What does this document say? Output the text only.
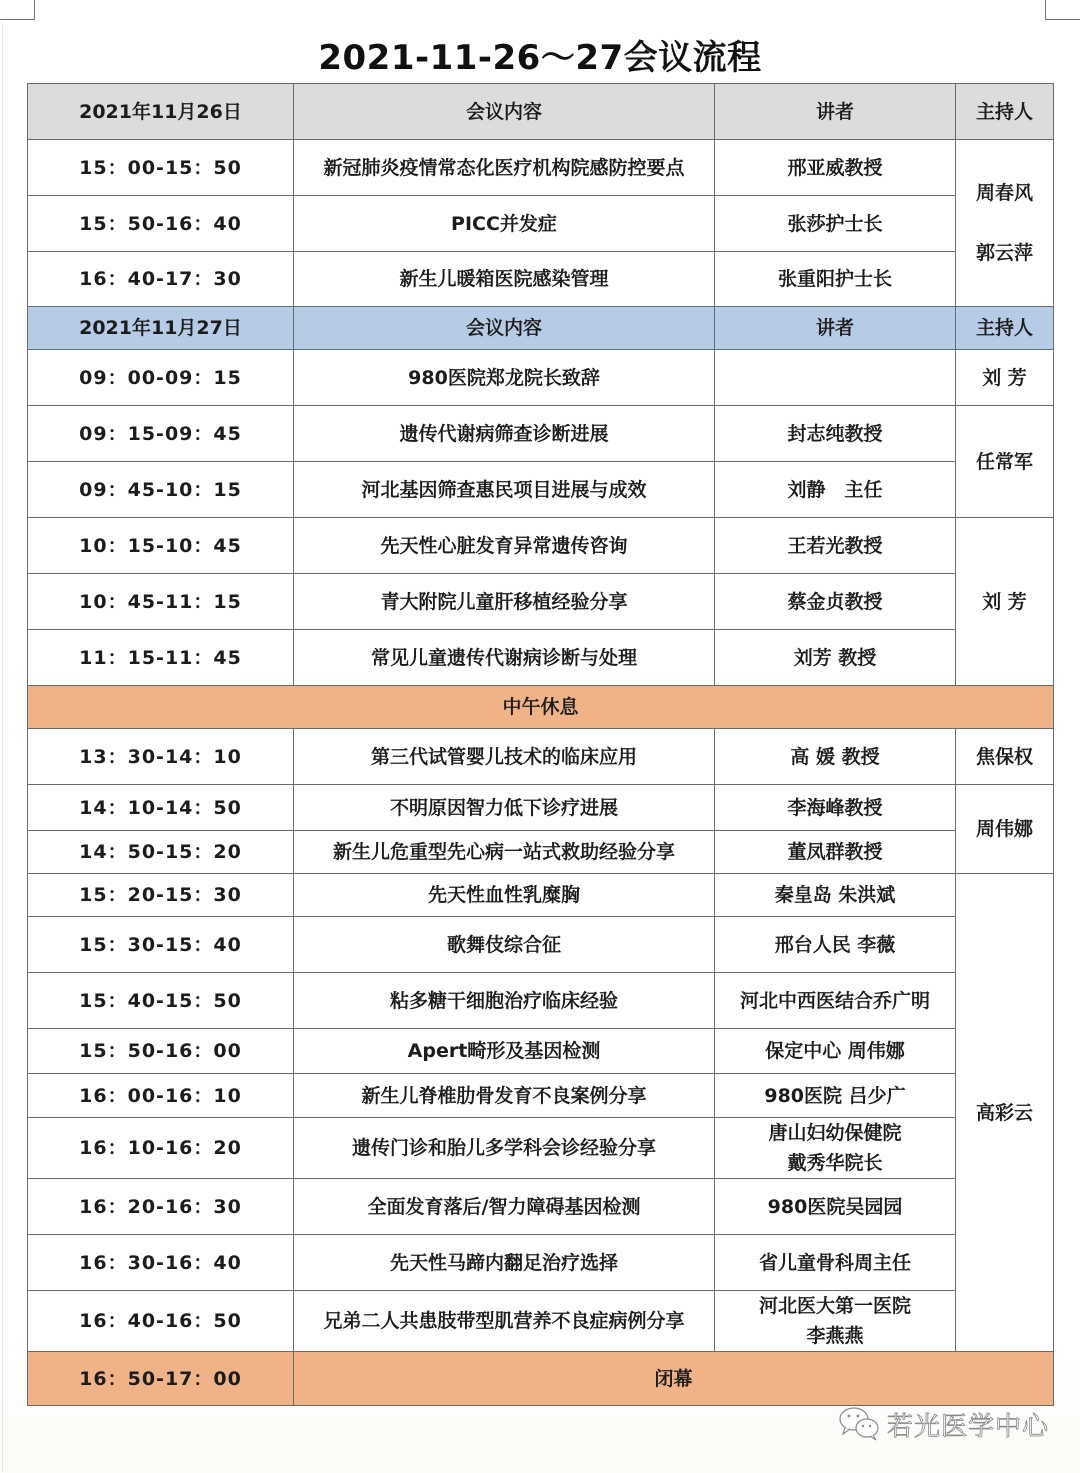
2021-11-26～27会议流程
2021年11月26日	会议内容	讲者	主持人
15：00-15：50	新冠肺炎疫情常态化医疗机构院感防控要点	邢亚威教授	周春风
郭云萍
15：50-16：40	PICC并发症	张莎护士长	
16：40-17：30	新生儿暖箱医院感染管理	张重阳护士长	
2021年11月27日	会议内容	讲者	主持人
09：00-09：15	980医院郑龙院长致辞		刘 芳
09：15-09：45	遗传代谢病筛查诊断进展	封志纯教授	任常军
09：45-10：15	河北基因筛查惠民项目进展与成效	刘静　主任	
10：15-10：45	先天性心脏发育异常遗传咨询	王若光教授	刘 芳
10：45-11：15	青大附院儿童肝移植经验分享	蔡金贞教授	
11：15-11：45	常见儿童遗传代谢病诊断与处理	刘芳 教授	
中午休息			
13：30-14：10	第三代试管婴儿技术的临床应用	高 媛 教授	焦保权
14：10-14：50	不明原因智力低下诊疗进展	李海峰教授	周伟娜
14：50-15：20	新生儿危重型先心病一站式救助经验分享	董凤群教授	
15：20-15：30	先天性血性乳糜胸	秦皇岛 朱洪斌	高彩云
15：30-15：40	歌舞伎综合征	邢台人民 李薇	
15：40-15：50	粘多糖干细胞治疗临床经验	河北中西医结合乔广明	
15：50-16：00	Apert畸形及基因检测	保定中心 周伟娜	
16：00-16：10	新生儿脊椎肋骨发育不良案例分享	980医院 吕少广	
16：10-16：20	遗传门诊和胎儿多学科会诊经验分享	唐山妇幼保健院
戴秀华院长	

16：20-16：30	全面发育落后/智力障碍基因检测	980医院吴园园	
16：30-16：40	先天性马蹄内翻足治疗选择	省儿童骨科周主任	
16：40-16：50	兄弟二人共患肢带型肌营养不良症病例分享	河北医大第一医院
李燕燕	

16：50-17：00	闭幕		
若光医学中心
